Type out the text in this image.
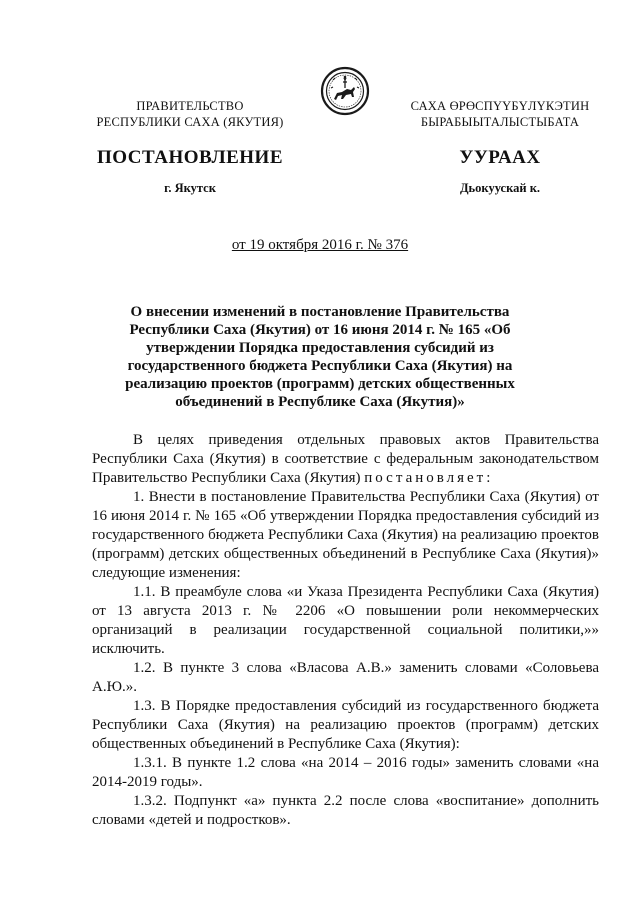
ПРАВИТЕЛЬСТВО
РЕСПУБЛИКИ САХА (ЯКУТИЯ)
САХА ӨРӨСПҮҮБҮЛҮКЭТИН
БЫРАБЫЫТАЛЫСТЫБАТА
ПОСТАНОВЛЕНИЕ	УУРААХ
г. Якутск	Дьокуускай к.
от 19 октября 2016 г. № 376
О внесении изменений в постановление Правительства Республики Саха (Якутия) от 16 июня 2014 г. № 165 «Об утверждении Порядка предоставления субсидий из государственного бюджета Республики Саха (Якутия) на реализацию проектов (программ) детских общественных объединений в Республике Саха (Якутия)»

В целях приведения отдельных правовых актов Правительства Республики Саха (Якутия) в соответствие с федеральным законодательством Правительство Республики Саха (Якутия) постановляет:

1. Внести в постановление Правительства Республики Саха (Якутия) от 16 июня 2014 г. № 165 «Об утверждении Порядка предоставления субсидий из государственного бюджета Республики Саха (Якутия) на реализацию проектов (программ) детских общественных объединений в Республике Саха (Якутия)» следующие изменения:

1.1. В преамбуле слова «и Указа Президента Республики Саха (Якутия) от 13 августа 2013 г. № 2206 «О повышении роли некоммерческих организаций в реализации государственной социальной политики,»» исключить.

1.2. В пункте 3 слова «Власова А.В.» заменить словами «Соловьева А.Ю.».

1.3. В Порядке предоставления субсидий из государственного бюджета Республики Саха (Якутия) на реализацию проектов (программ) детских общественных объединений в Республике Саха (Якутия):

1.3.1. В пункте 1.2 слова «на 2014 – 2016 годы» заменить словами «на 2014-2019 годы».

1.3.2. Подпункт «а» пункта 2.2 после слова «воспитание» дополнить словами «детей и подростков».
